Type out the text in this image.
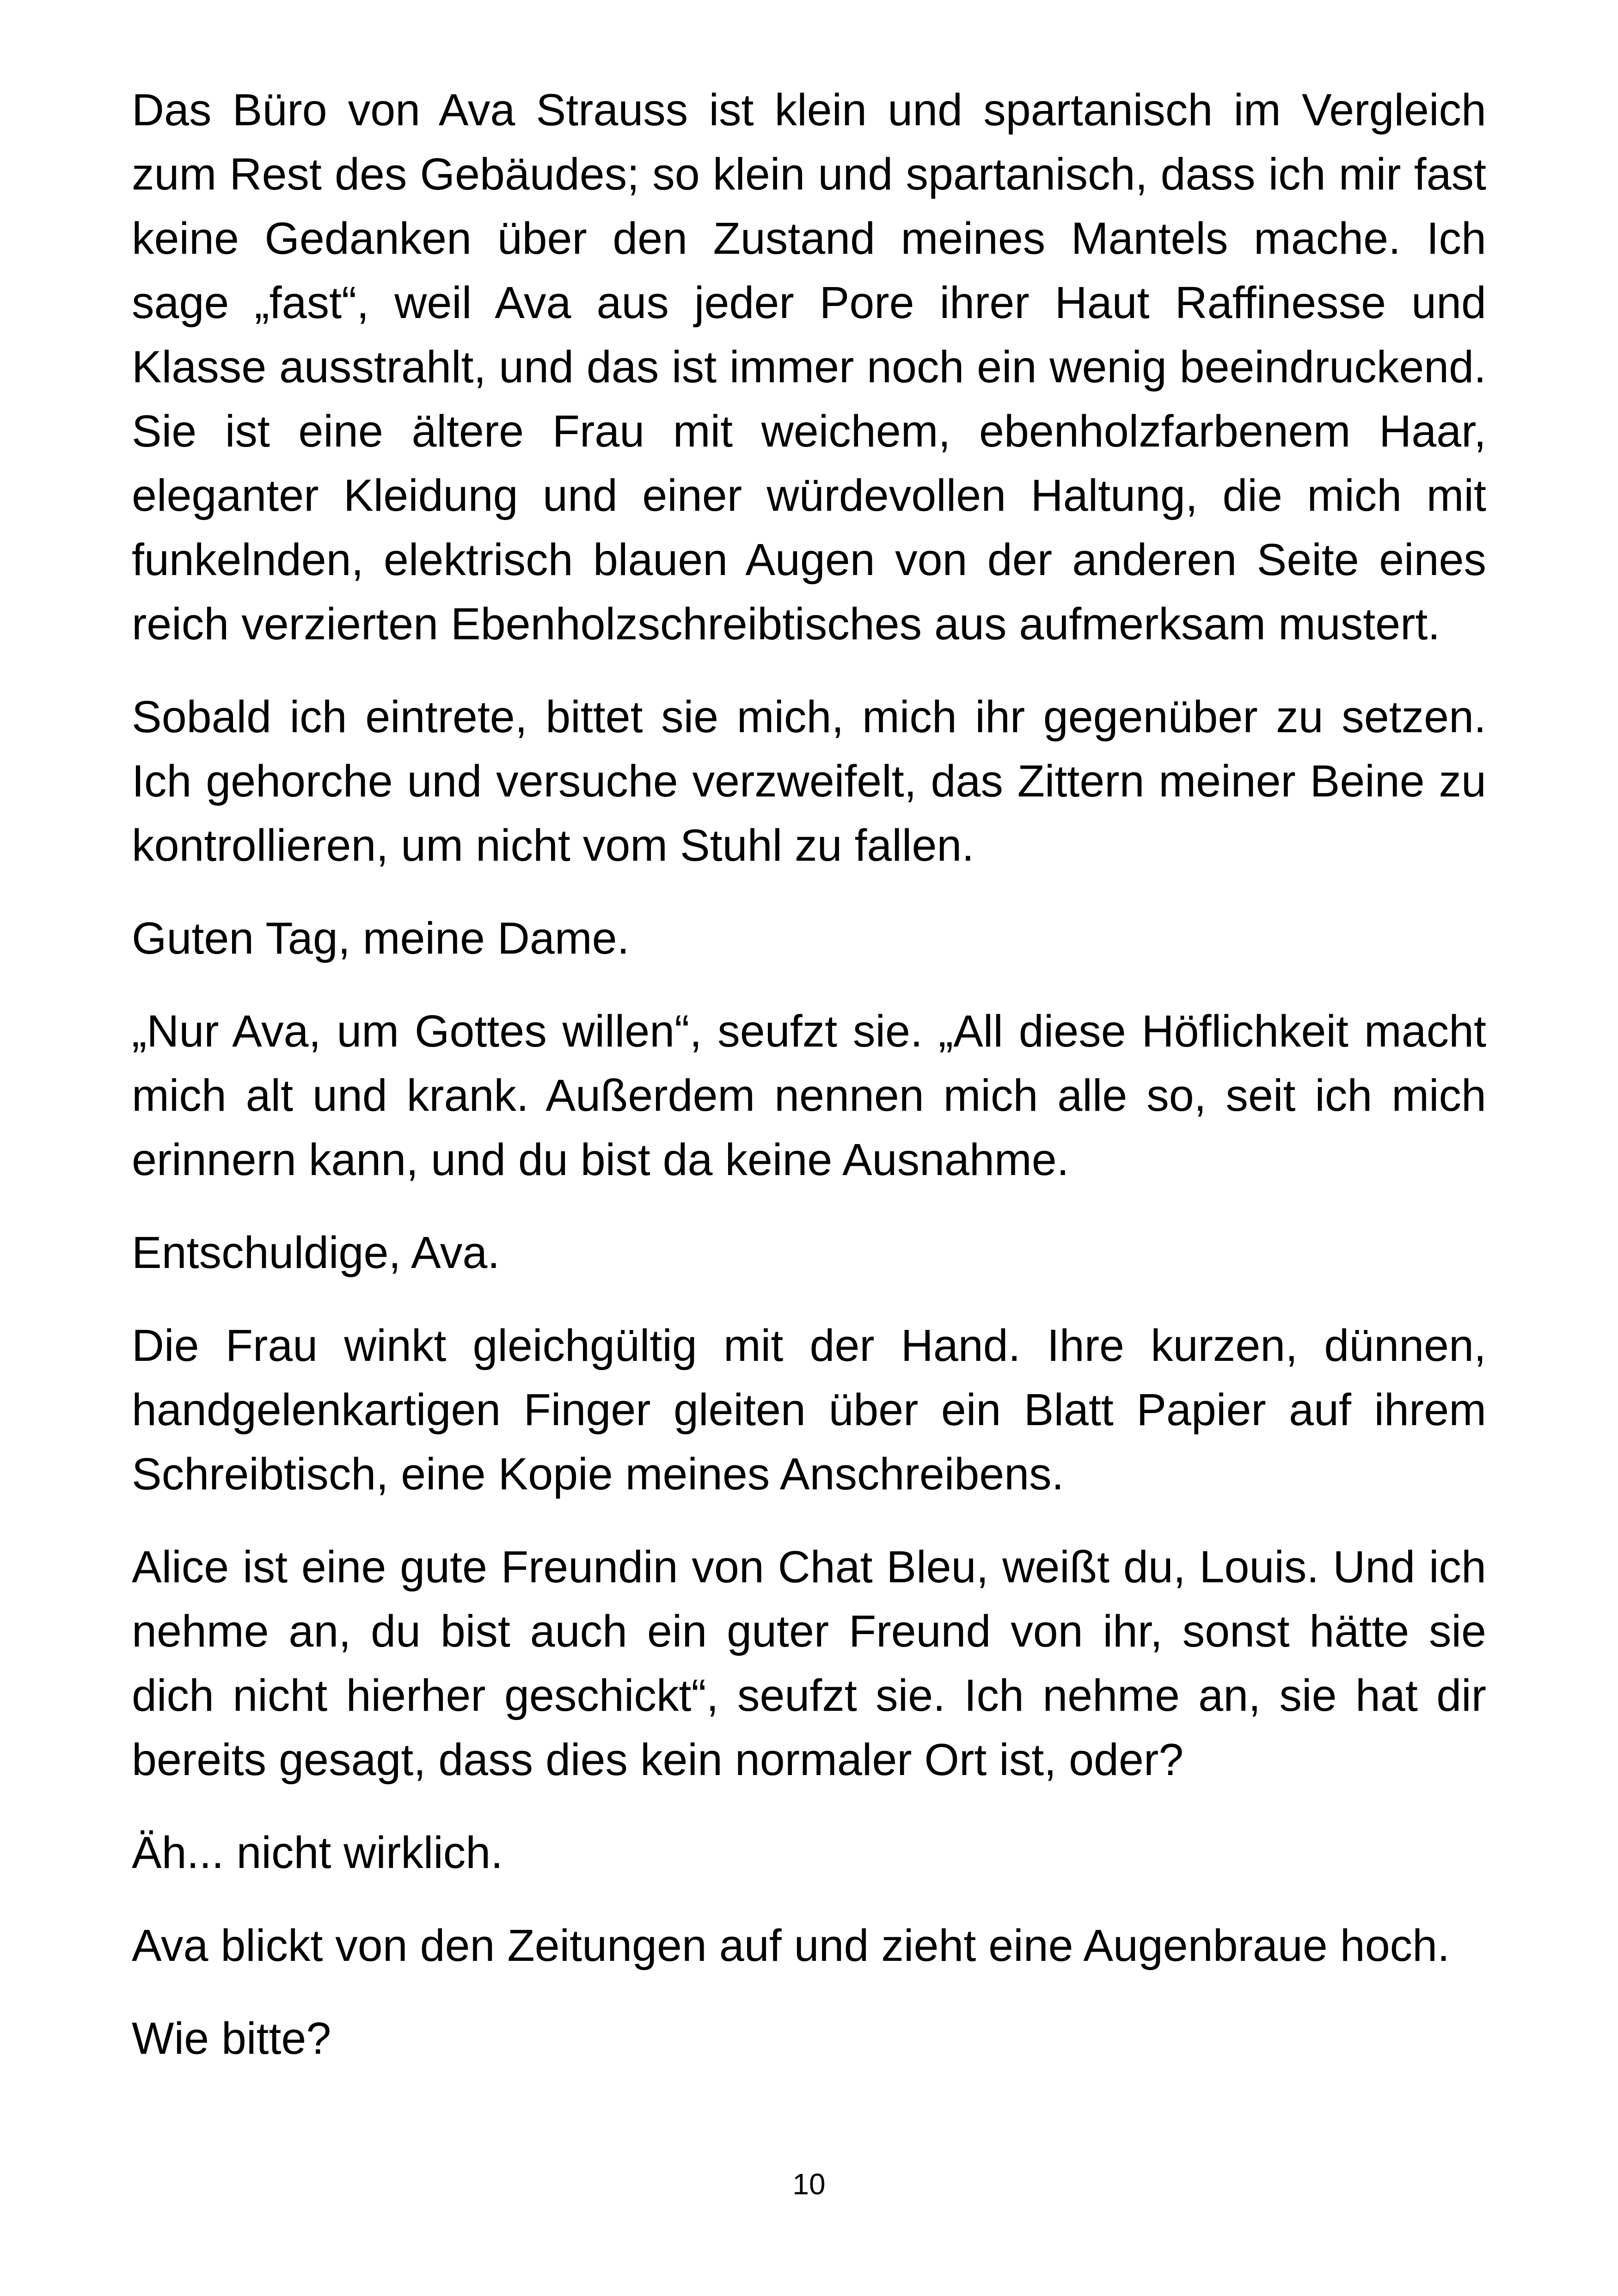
Das Büro von Ava Strauss ist klein und spartanisch im Vergleich zum Rest des Gebäudes; so klein und spartanisch, dass ich mir fast keine Gedanken über den Zustand meines Mantels mache. Ich sage „fast“, weil Ava aus jeder Pore ihrer Haut Raffinesse und Klasse ausstrahlt, und das ist immer noch ein wenig beeindruckend. Sie ist eine ältere Frau mit weichem, ebenholzfarbenem Haar, eleganter Kleidung und einer würdevollen Haltung, die mich mit funkelnden, elektrisch blauen Augen von der anderen Seite eines reich verzierten Ebenholzschreibtisches aus aufmerksam mustert.

Sobald ich eintrete, bittet sie mich, mich ihr gegenüber zu setzen. Ich gehorche und versuche verzweifelt, das Zittern meiner Beine zu kontrollieren, um nicht vom Stuhl zu fallen.

Guten Tag, meine Dame.

„Nur Ava, um Gottes willen“, seufzt sie. „All diese Höflichkeit macht mich alt und krank. Außerdem nennen mich alle so, seit ich mich erinnern kann, und du bist da keine Ausnahme.

Entschuldige, Ava.

Die Frau winkt gleichgültig mit der Hand. Ihre kurzen, dünnen, handgelenkartigen Finger gleiten über ein Blatt Papier auf ihrem Schreibtisch, eine Kopie meines Anschreibens.

Alice ist eine gute Freundin von Chat Bleu, weißt du, Louis. Und ich nehme an, du bist auch ein guter Freund von ihr, sonst hätte sie dich nicht hierher geschickt“, seufzt sie. Ich nehme an, sie hat dir bereits gesagt, dass dies kein normaler Ort ist, oder?

Äh... nicht wirklich.

Ava blickt von den Zeitungen auf und zieht eine Augenbraue hoch.

Wie bitte?

10
